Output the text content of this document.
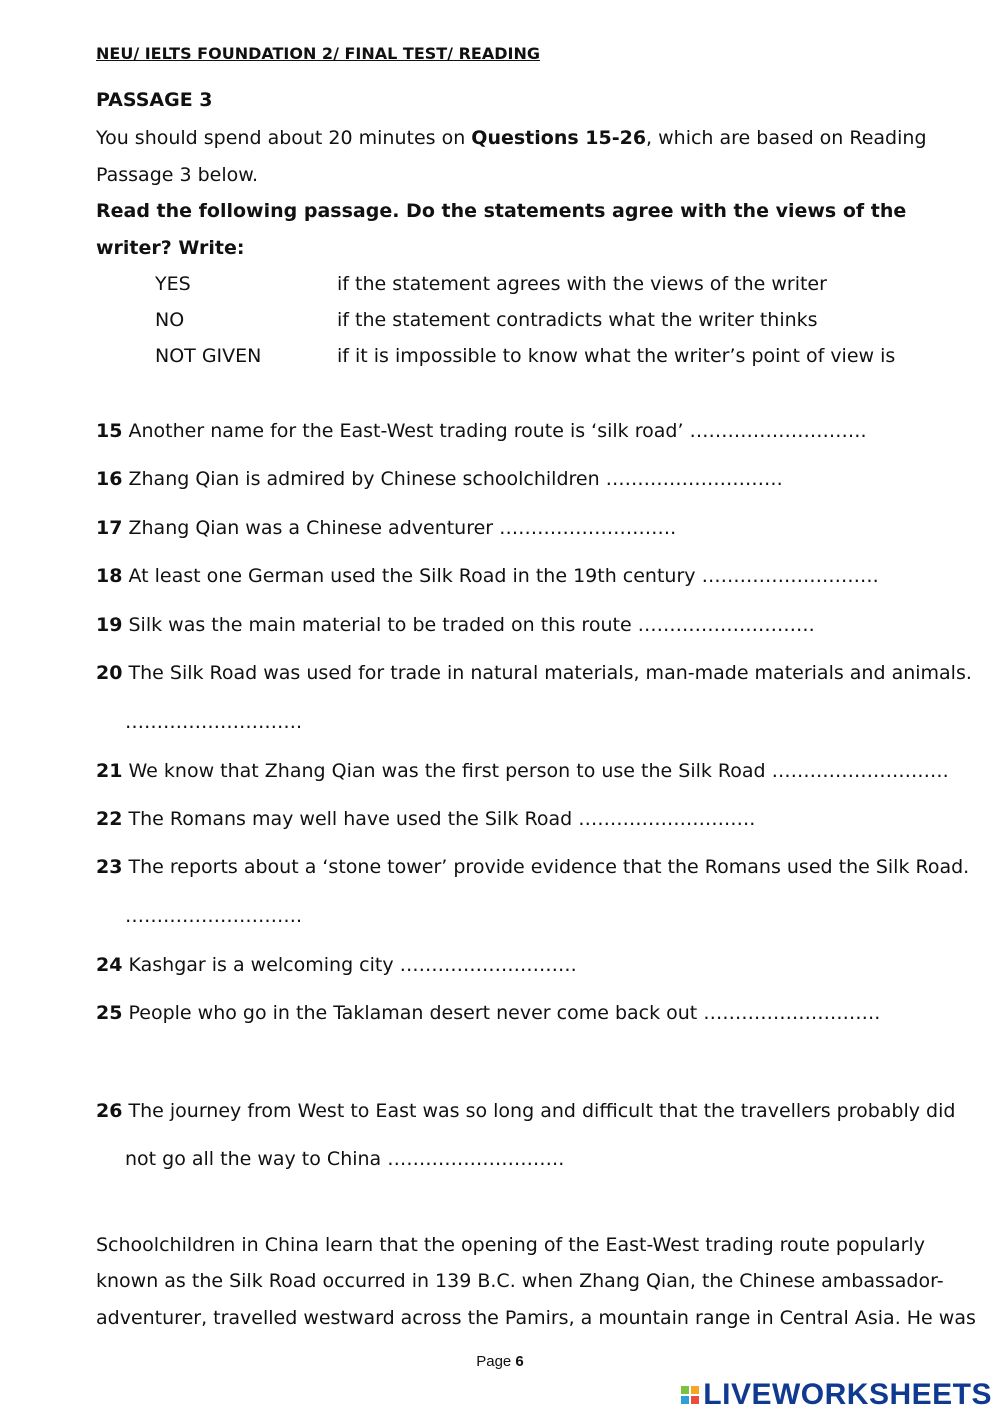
NEU/ IELTS FOUNDATION 2/ FINAL TEST/ READING
PASSAGE 3
You should spend about 20 minutes on Questions 15-26, which are based on Reading
Passage 3 below.
Read the following passage. Do the statements agree with the views of the
writer? Write:
YES	if the statement agrees with the views of the writer
NO	if the statement contradicts what the writer thinks
NOT GIVEN	if it is impossible to know what the writer’s point of view is
15 Another name for the East-West trading route is ‘silk road’ ……………………….
16 Zhang Qian is admired by Chinese schoolchildren ……………………….
17 Zhang Qian was a Chinese adventurer ……………………….
18 At least one German used the Silk Road in the 19th century ……………………….
19 Silk was the main material to be traded on this route ……………………….
20 The Silk Road was used for trade in natural materials, man-made materials and animals.
……………………….
21 We know that Zhang Qian was the first person to use the Silk Road ……………………….
22 The Romans may well have used the Silk Road ……………………….
23 The reports about a ‘stone tower’ provide evidence that the Romans used the Silk Road.
……………………….
24 Kashgar is a welcoming city ……………………….
25 People who go in the Taklaman desert never come back out ……………………….
26 The journey from West to East was so long and difficult that the travellers probably did
not go all the way to China ……………………….
Schoolchildren in China learn that the opening of the East-West trading route popularly
known as the Silk Road occurred in 139 B.C. when Zhang Qian, the Chinese ambassador-
adventurer, travelled westward across the Pamirs, a mountain range in Central Asia. He was
Page 6
LIVEWORKSHEETS
